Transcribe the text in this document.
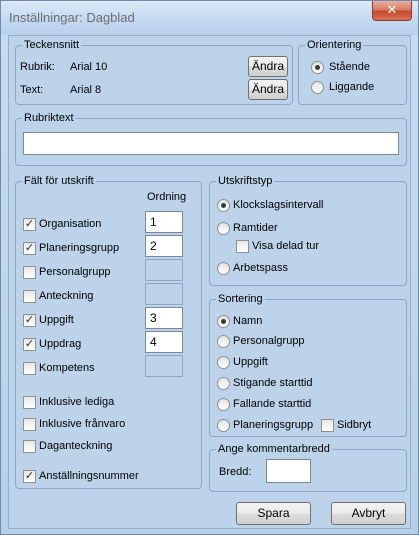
Inställningar: Dagblad
✕
Teckensnitt
Rubrik: Arial 10	Ändra
Text: Arial 8	Ändra
Orientering
Stående
Liggande
Rubriktext
Fält för utskrift
Ordning
✓ Organisation	1
✓ Planeringsgrupp	2
Personalgrupp
Anteckning
✓ Uppgift	3
✓ Uppdrag	4
Kompetens
Inklusive lediga
Inklusive frånvaro
Daganteckning
✓ Anställningsnummer
Utskriftstyp
Klockslagsintervall
Ramtider
Visa delad tur
Arbetspass
Sortering
Namn
Personalgrupp
Uppgift
Stigande starttid
Fallande starttid
Planeringsgrupp Sidbryt
Ange kommentarbredd
Bredd:
Spara	Avbryt
